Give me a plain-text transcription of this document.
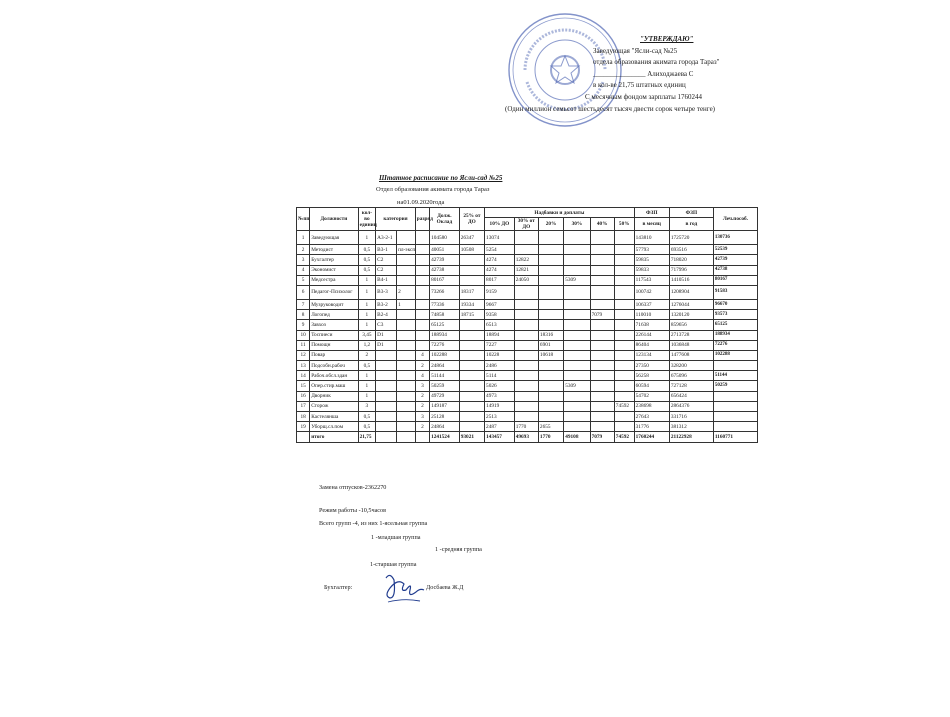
"УТВЕРЖДАЮ"
Заведующая "Ясли-сад №25
отдела образования акимата города Тараз"
_______________ Алиходжаева С
в кол-ве 21,75 штатных единиц
С месячным фондом зарплаты 1760244
(Один миллион семьсот шестьдесят тысяч двести сорок четыре тенге)
Штатное расписание по Ясли-сад №25
Отдел образования акимата города Тараз
на01.09.2020года
№пп	Должности	кол-во единиц	категория		разряд	Долж. Оклад	25% от ДО	Надбавки и доплаты						ФЗП	ФЗП	Леч.пособ.
								10% ДО	30% от ДО	20%	30%	40%	50%	в месяц	в год	
1	Заведующая	1	А3-2-1			104580	26347	13074						143810	1725720	130736
2	Методист	0,5	В3-1	пл-эксп		40051	10508	5254						57793	693516	52539
3	Бухгалтер	0,5	С2			42739		4274	12822					59835	718020	42739
4	Экономист	0,5	С2			42738		4274	12821					59833	717996	42738
5	Медсестра	1	В4-1			80167		8017	24050		5309			117543	1410516	80167
6	Педагог-Психолог	1	В3-3	2		73266	18317	9159						100742	1208904	91583
7	Музруководит	1	В3-2	1		77336	19334	9667						106337	1276044	96670
8	Логопед	1	В2-4			74858	18715	9358				7079		110010	1320120	93573
9	Завхоз	1	С3			65125		6513						71638	859656	65125
10	Тоспиеси	3,45	D1			188934		18894		18316				226144	2713728	188934
11	Помощн	1,2	D1			72276		7227		6901				86404	1036848	72276
12	Повар	2			4	102288		10228		10618				123134	1477608	102288
13	Подсобн.рабоч	0,5			2	24864		2486						27350	328200	
14	Рабоч.обсл.здан	1			4	51144		5114						56258	675096	51144
15	Опер.стир.маш	1			3	50259		5026			5309			60594	727128	50259
16	Дворник	1			2	49729		4973						54702	656424	
17	Сторож	3			2	149187		14919					74592	238698	2864376	
18	Кастелянша	0,5			3	25128		2513						27643	331716	
19	Уборщ.сл.пом	0,5			2	24864		2487	1770	2655				31776	381312	
	итого	21,75				1241524	93021	143457	49693	1770	49108	7079	74592	1760244	21122928	1160771
Замена отпусков-2362270
Режим работы -10,5часов
Всего групп -4, из них 1-ясельная группа
1 -младшая группа
1 -средняя группа
1-старшая группа
Бухгалтер:	Досбаева Ж.Д
